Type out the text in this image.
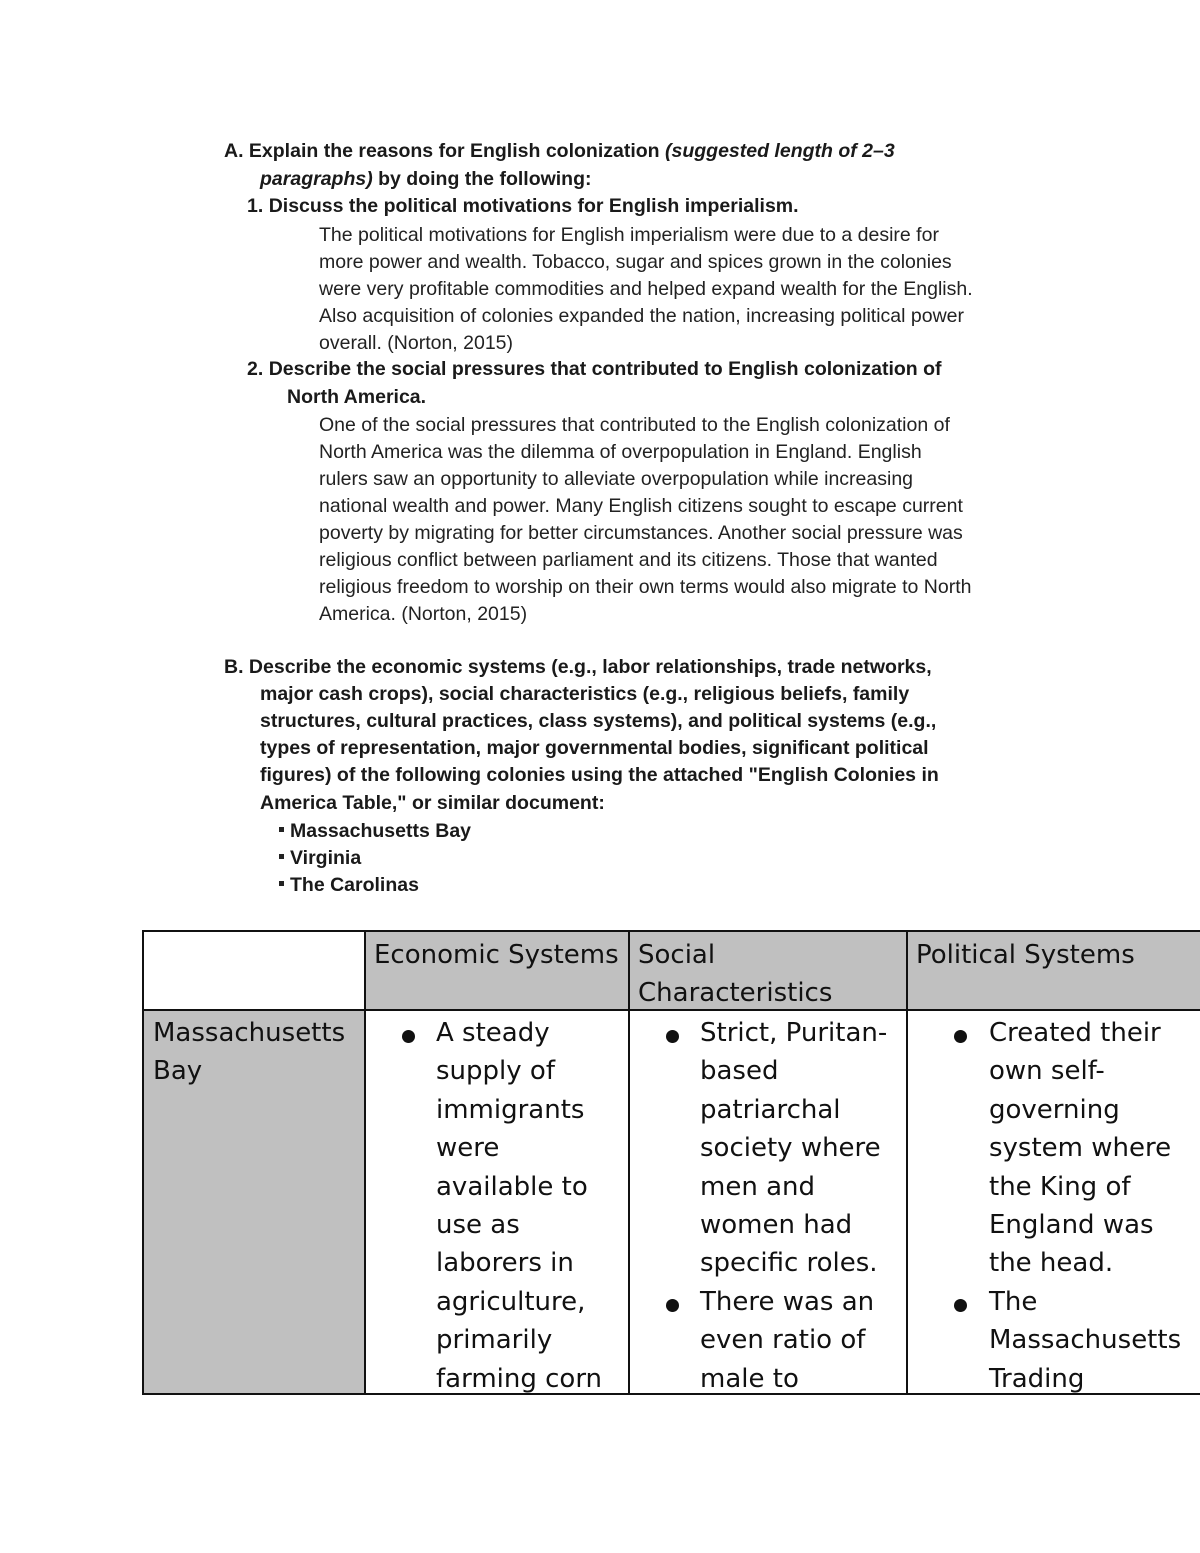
A. Explain the reasons for English colonization (suggested length of 2–3
paragraphs) by doing the following:
1. Discuss the political motivations for English imperialism.
The political motivations for English imperialism were due to a desire for
more power and wealth. Tobacco, sugar and spices grown in the colonies
were very profitable commodities and helped expand wealth for the English.
Also acquisition of colonies expanded the nation, increasing political power
overall. (Norton, 2015)
2. Describe the social pressures that contributed to English colonization of
North America.
One of the social pressures that contributed to the English colonization of
North America was the dilemma of overpopulation in England. English
rulers saw an opportunity to alleviate overpopulation while increasing
national wealth and power. Many English citizens sought to escape current
poverty by migrating for better circumstances. Another social pressure was
religious conflict between parliament and its citizens. Those that wanted
religious freedom to worship on their own terms would also migrate to North
America. (Norton, 2015)
B. Describe the economic systems (e.g., labor relationships, trade networks,
major cash crops), social characteristics (e.g., religious beliefs, family
structures, cultural practices, class systems), and political systems (e.g.,
types of representation, major governmental bodies, significant political
figures) of the following colonies using the attached "English Colonies in
America Table," or similar document:
Massachusetts Bay
Virginia
The Carolinas
Economic Systems Social Characteristics
Political Systems
Massachusetts Bay
A steady supply of immigrants were available to use as laborers in agriculture, primarily farming corn
Strict, Puritan-based patriarchal society where men and women had specific roles.
There was an even ratio of male to
Created their own self-governing system where the King of England was the head.
The Massachusetts Trading
